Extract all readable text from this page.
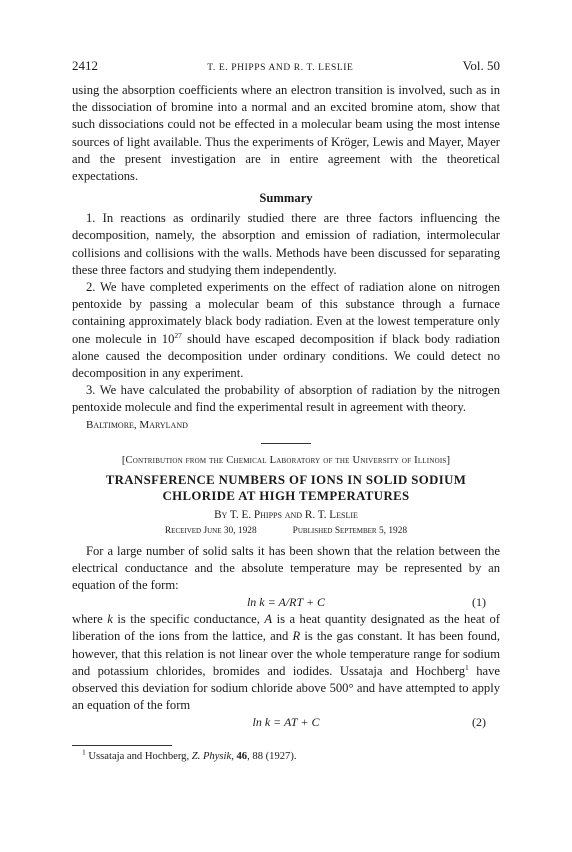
2412	T. E. PHIPPS AND R. T. LESLIE	Vol. 50

using the absorption coefficients where an electron transition is involved, such as in the dissociation of bromine into a normal and an excited bromine atom, show that such dissociations could not be effected in a molecular beam using the most intense sources of light available. Thus the experiments of Kröger, Lewis and Mayer, Mayer and the present investigation are in entire agreement with the theoretical expectations.

Summary

1. In reactions as ordinarily studied there are three factors influencing the decomposition, namely, the absorption and emission of radiation, intermolecular collisions and collisions with the walls. Methods have been discussed for separating these three factors and studying them independently.

2. We have completed experiments on the effect of radiation alone on nitrogen pentoxide by passing a molecular beam of this substance through a furnace containing approximately black body radiation. Even at the lowest temperature only one molecule in $10^{27}$ should have escaped decomposition if black body radiation alone caused the decomposition under ordinary conditions. We could detect no decomposition in any experiment.

3. We have calculated the probability of absorption of radiation by the nitrogen pentoxide molecule and find the experimental result in agreement with theory.

Baltimore, Maryland
[Contribution from the Chemical Laboratory of the University of Illinois]
TRANSFERENCE NUMBERS OF IONS IN SOLID SODIUM
CHLORIDE AT HIGH TEMPERATURES
By T. E. Phipps and R. T. Leslie
Received June 30, 1928	Published September 5, 1928

For a large number of solid salts it has been shown that the relation between the electrical conductance and the absolute temperature may be represented by an equation of the form:

ln k = A/RT + C	(1)

where k is the specific conductance, A is a heat quantity designated as the heat of liberation of the ions from the lattice, and R is the gas constant. It has been found, however, that this relation is not linear over the whole temperature range for sodium and potassium chlorides, bromides and iodides. Ussataja and Hochberg$^1$ have observed this deviation for sodium chloride above 500° and have attempted to apply an equation of the form

ln k = AT + C	(2)
$^1$ Ussataja and Hochberg, Z. Physik, 46, 88 (1927).
